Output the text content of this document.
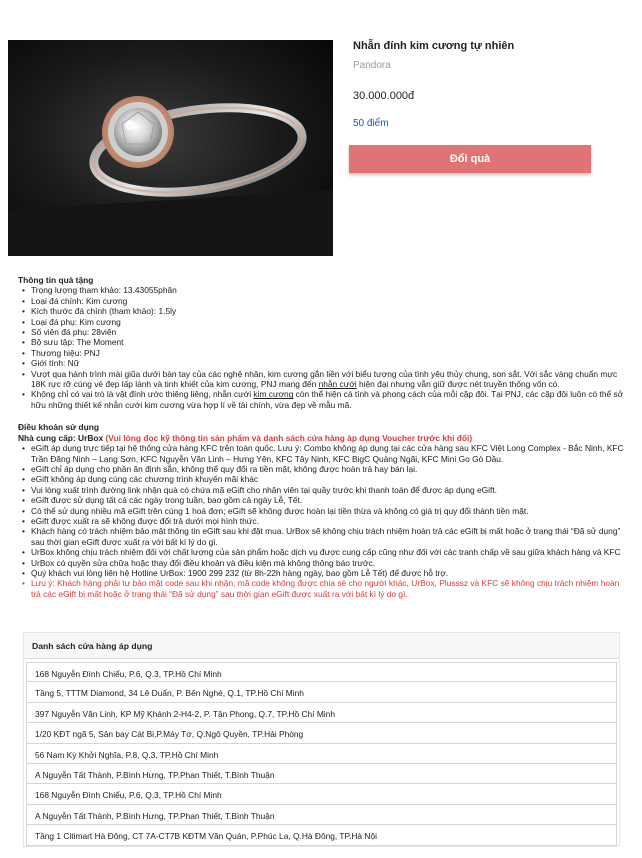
Nhẫn đính kim cương tự nhiên
Pandora
30.000.000đ
50 điểm
Đổi quà
Thông tin quà tặng
• Trọng lượng tham khảo: 13.43055phân
• Loại đá chính: Kim cương
• Kích thước đá chính (tham khảo): 1.5ly
• Loại đá phụ: Kim cương
• Số viên đá phụ: 28viên
• Bộ sưu tập: The Moment
• Thương hiệu: PNJ
• Giới tính: Nữ
• Vượt qua hành trình mài giũa dưới bàn tay của các nghệ nhân, kim cương gắn liền với biểu tượng của tình yêu thủy chung, son sắt. Với sắc vàng chuẩn mực 18K rực rỡ cùng vẻ đẹp lấp lánh và tinh khiết của kim cương, PNJ mang đến nhẫn cưới hiện đại nhưng vẫn giữ được nét truyền thống vốn có.
• Không chỉ có vai trò là vật đính ước thiêng liêng, nhẫn cưới kim cương còn thể hiện cá tính và phong cách của mỗi cặp đôi. Tại PNJ, các cặp đôi luôn có thể sở hữu những thiết kế nhẫn cưới kim cương vừa hợp lí về tài chính, vừa đẹp về mẫu mã.
Điều khoản sử dụng
Nhà cung cấp: UrBox (Vui lòng đọc kỹ thông tin sản phẩm và danh sách cửa hàng áp dụng Voucher trước khi đổi)
• eGift áp dụng trực tiếp tại hệ thống cửa hàng KFC trên toàn quốc. Lưu ý: Combo không áp dụng tại các cửa hàng sau KFC Việt Long Complex - Bắc Ninh, KFC Trần Đăng Ninh – Lạng Sơn, KFC Nguyễn Văn Linh – Hưng Yên, KFC Tây Ninh, KFC BigC Quảng Ngãi, KFC Mini Go Gò Dầu.
• eGift chỉ áp dụng cho phần ăn định sẵn, không thể quy đổi ra tiền mặt, không được hoàn trả hay bán lại.
• eGift không áp dụng cùng các chương trình khuyến mãi khác
• Vui lòng xuất trình đường link nhận quà có chứa mã eGift cho nhân viên tại quầy trước khi thanh toán để được áp dụng eGift.
• eGift được sử dụng tất cả các ngày trong tuần, bao gồm cả ngày Lễ, Tết.
• Có thể sử dụng nhiều mã eGift trên cùng 1 hoá đơn; eGift sẽ không được hoàn lại tiền thừa và không có giá trị quy đổi thành tiền mặt.
• eGift được xuất ra sẽ không được đổi trả dưới mọi hình thức.
• Khách hàng có trách nhiệm bảo mật thông tin eGift sau khi đặt mua. UrBox sẽ không chịu trách nhiệm hoàn trả các eGift bị mất hoặc ở trạng thái “Đã sử dụng” sau thời gian eGift được xuất ra với bất kì lý do gì.
• UrBox không chịu trách nhiệm đối với chất lượng của sản phẩm hoặc dịch vụ được cung cấp cũng như đối với các tranh chấp về sau giữa khách hàng và KFC
• UrBox có quyền sửa chữa hoặc thay đổi điều khoản và điều kiện mà không thông báo trước.
• Quý khách vui lòng liên hệ Hotline UrBox: 1900 299 232 (từ 8h-22h hàng ngày, bao gồm Lễ Tết) để được hỗ trợ.
• Lưu ý: Khách hàng phải tự bảo mật code sau khi nhận, mã code không được chia sẻ cho người khác, UrBox, Plusssz và KFC sẽ không chịu trách nhiệm hoàn trả các eGift bị mất hoặc ở trạng thái “Đã sử dụng” sau thời gian eGift được xuất ra với bất kì lý do gì.
Danh sách cửa hàng áp dụng
168 Nguyễn Đình Chiểu, P.6, Q.3, TP.Hồ Chí Minh
Tầng 5, TTTM Diamond, 34 Lê Duẩn, P. Bến Nghé, Q.1, TP.Hồ Chí Minh
397 Nguyễn Văn Linh, KP Mỹ Khánh 2-H4-2, P. Tân Phong, Q.7, TP.Hồ Chí Minh
1/20 KĐT ngã 5, Sân bay Cát Bi,P.Máy Tơ, Q.Ngô Quyền, TP.Hải Phòng
56 Nam Kỳ Khởi Nghĩa, P.8, Q.3, TP.Hồ Chí Minh
A Nguyễn Tất Thành, P.Bình Hưng, TP.Phan Thiết, T.Bình Thuận
168 Nguyễn Đình Chiểu, P.6, Q.3, TP.Hồ Chí Minh
A Nguyễn Tất Thành, P.Bình Hưng, TP.Phan Thiết, T.Bình Thuận
Tầng 1 Citimart Hà Đông, CT 7A-CT7B KĐTM Văn Quán, P.Phúc La, Q.Hà Đông, TP.Hà Nội
